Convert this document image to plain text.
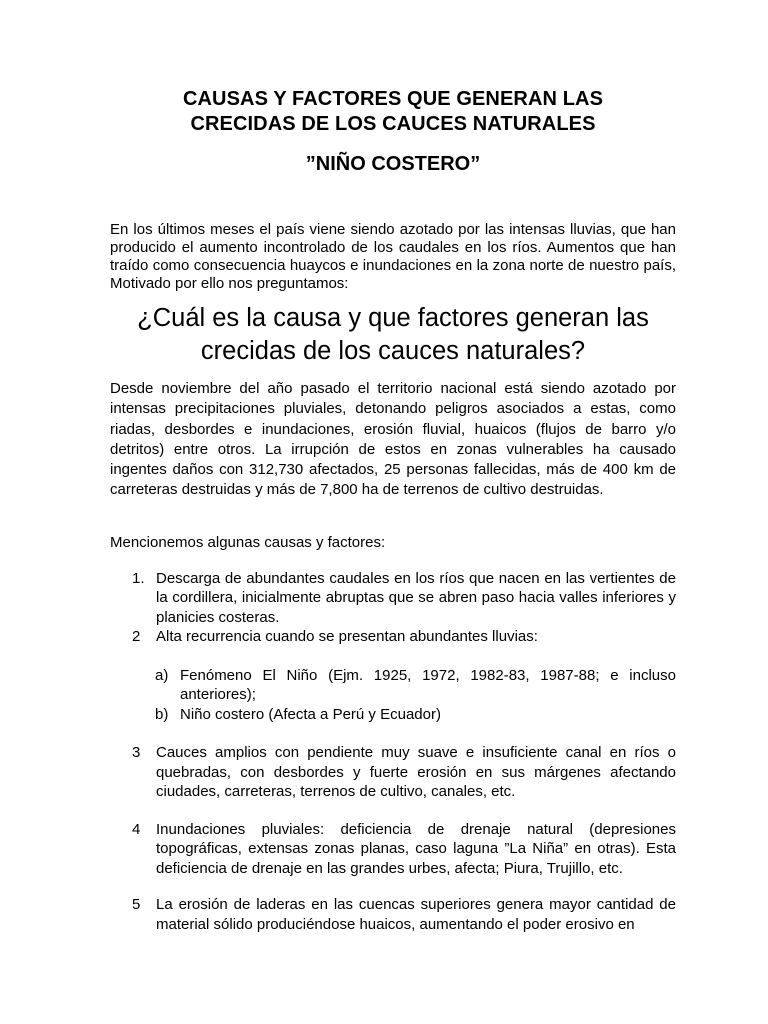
CAUSAS Y FACTORES QUE GENERAN LAS
CRECIDAS DE LOS CAUCES NATURALES
”NIÑO COSTERO”

En los últimos meses el país viene siendo azotado por las intensas lluvias, que han producido el aumento incontrolado de los caudales en los ríos. Aumentos que han traído como consecuencia huaycos e inundaciones en la zona norte de nuestro país, Motivado por ello nos preguntamos:

¿Cuál es la causa y que factores generan las crecidas de los cauces naturales?

Desde noviembre del año pasado el territorio nacional está siendo azotado por intensas precipitaciones pluviales, detonando peligros asociados a estas, como riadas, desbordes e inundaciones, erosión fluvial, huaicos (flujos de barro y/o detritos) entre otros. La irrupción de estos en zonas vulnerables ha causado ingentes daños con 312,730 afectados, 25 personas fallecidas, más de 400 km de carreteras destruidas y más de 7,800 ha de terrenos de cultivo destruidas.

Mencionemos algunas causas y factores:

1. Descarga de abundantes caudales en los ríos que nacen en las vertientes de la cordillera, inicialmente abruptas que se abren paso hacia valles inferiores y planicies costeras.
2	Alta recurrencia cuando se presentan abundantes lluvias:
a) Fenómeno El Niño (Ejm. 1925, 1972, 1982-83, 1987-88; e incluso anteriores);
b) Niño costero (Afecta a Perú y Ecuador)
3	Cauces amplios con pendiente muy suave e insuficiente canal en ríos o quebradas, con desbordes y fuerte erosión en sus márgenes afectando ciudades, carreteras, terrenos de cultivo, canales, etc.
4	Inundaciones pluviales: deficiencia de drenaje natural (depresiones topográficas, extensas zonas planas, caso laguna ”La Niña” en otras). Esta deficiencia de drenaje en las grandes urbes, afecta; Piura, Trujillo, etc.
5	La erosión de laderas en las cuencas superiores genera mayor cantidad de material sólido produciéndose huaicos, aumentando el poder erosivo en
